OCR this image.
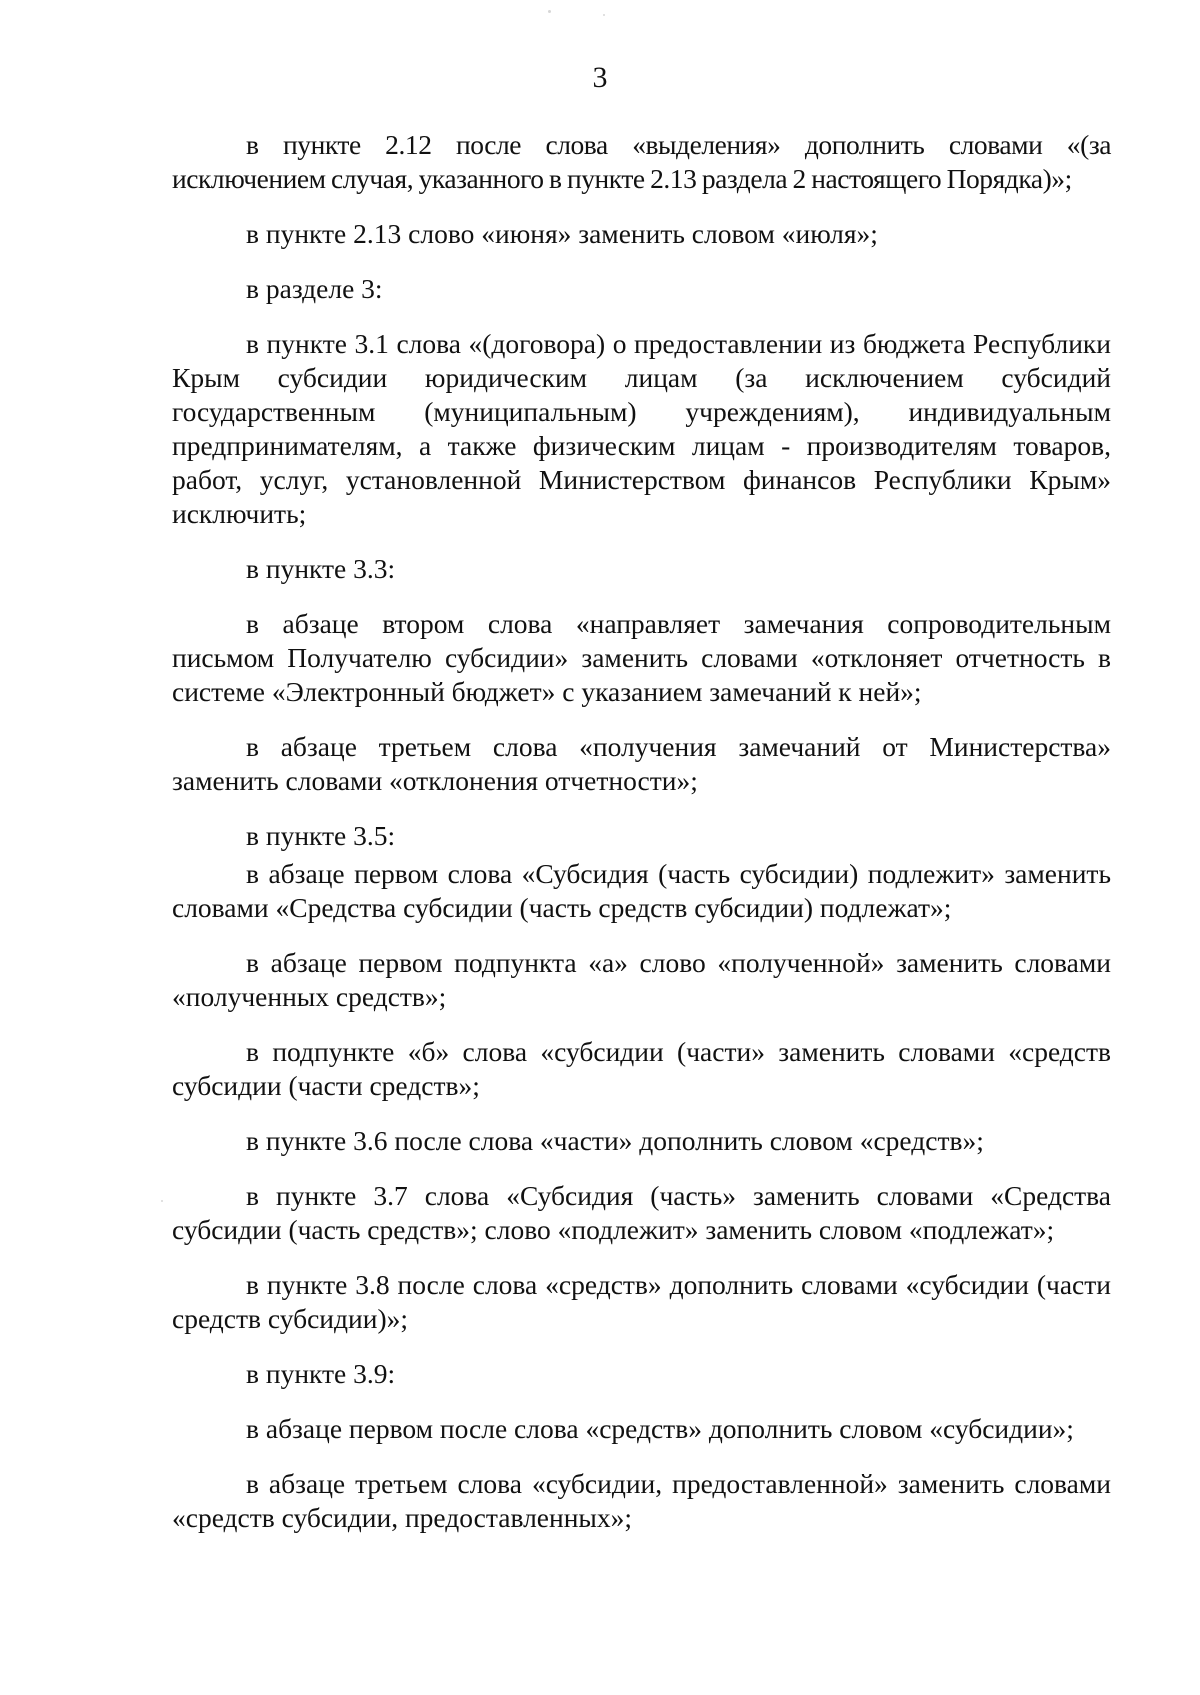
3

в пункте 2.12 после слова «выделения» дополнить словами «(за исключением случая, указанного в пункте 2.13 раздела 2 настоящего Порядка)»;

в пункте 2.13 слово «июня» заменить словом «июля»;

в разделе 3:

в пункте 3.1 слова «(договора) о предоставлении из бюджета Республики Крым субсидии юридическим лицам (за исключением субсидий государственным (муниципальным) учреждениям), индивидуальным предпринимателям, а также физическим лицам - производителям товаров, работ, услуг, установленной Министерством финансов Республики Крым» исключить;

в пункте 3.3:

в абзаце втором слова «направляет замечания сопроводительным письмом Получателю субсидии» заменить словами «отклоняет отчетность в системе «Электронный бюджет» с указанием замечаний к ней»;

в абзаце третьем слова «получения замечаний от Министерства» заменить словами «отклонения отчетности»;

в пункте 3.5:

в абзаце первом слова «Субсидия (часть субсидии) подлежит» заменить словами «Средства субсидии (часть средств субсидии) подлежат»;

в абзаце первом подпункта «а» слово «полученной» заменить словами «полученных средств»;

в подпункте «б» слова «субсидии (части» заменить словами «средств субсидии (части средств»;

в пункте 3.6 после слова «части» дополнить словом «средств»;

в пункте 3.7 слова «Субсидия (часть» заменить словами «Средства субсидии (часть средств»; слово «подлежит» заменить словом «подлежат»;

в пункте 3.8 после слова «средств» дополнить словами «субсидии (части средств субсидии)»;

в пункте 3.9:

в абзаце первом после слова «средств» дополнить словом «субсидии»;

в абзаце третьем слова «субсидии, предоставленной» заменить словами «средств субсидии, предоставленных»;
